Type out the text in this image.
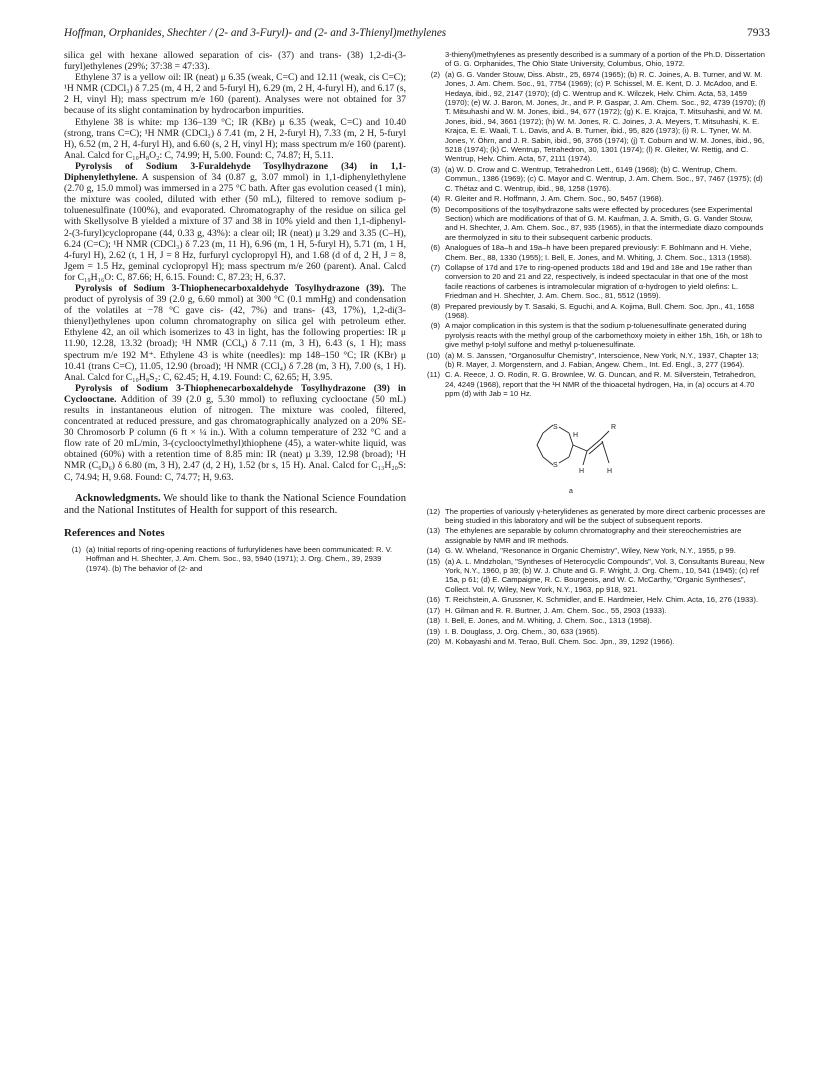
Hoffman, Orphanides, Shechter / (2- and 3-Furyl)- and (2- and 3-Thienyl)methylenes	7933

silica gel with hexane allowed separation of cis- (37) and trans- (38) 1,2-di-(3-furyl)ethylenes (29%; 37:38 = 47:33).

Ethylene 37 is a yellow oil: IR (neat) μ 6.35 (weak, C=C) and 12.11 (weak, cis C=C); ¹H NMR (CDCl₃) δ 7.25 (m, 4 H, 2 and 5-furyl H), 6.29 (m, 2 H, 4-furyl H), and 6.17 (s, 2 H, vinyl H); mass spectrum m/e 160 (parent). Analyses were not obtained for 37 because of its slight contamination by hydrocarbon impurities.

Ethylene 38 is white: mp 136–139 °C; IR (KBr) μ 6.35 (weak, C=C) and 10.40 (strong, trans C=C); ¹H NMR (CDCl₃) δ 7.41 (m, 2 H, 2-furyl H), 7.33 (m, 2 H, 5-furyl H), 6.52 (m, 2 H, 4-furyl H), and 6.60 (s, 2 H, vinyl H); mass spectrum m/e 160 (parent). Anal. Calcd for C₁₀H₈O₂: C, 74.99; H, 5.00. Found: C, 74.87; H, 5.11.

Pyrolysis of Sodium 3-Furaldehyde Tosylhydrazone (34) in 1,1-Diphenylethylene. A suspension of 34 (0.87 g, 3.07 mmol) in 1,1-diphenylethylene (2.70 g, 15.0 mmol) was immersed in a 275 °C bath. After gas evolution ceased (1 min), the mixture was cooled, diluted with ether (50 mL), filtered to remove sodium p-toluenesulfinate (100%), and evaporated. Chromatography of the residue on silica gel with Skellysolve B yielded a mixture of 37 and 38 in 10% yield and then 1,1-diphenyl-2-(3-furyl)cyclopropane (44, 0.33 g, 43%): a clear oil; IR (neat) μ 3.29 and 3.35 (C–H), 6.24 (C=C); ¹H NMR (CDCl₃) δ 7.23 (m, 11 H), 6.96 (m, 1 H, 5-furyl H), 5.71 (m, 1 H, 4-furyl H), 2.62 (t, 1 H, J = 8 Hz, furfuryl cyclopropyl H), and 1.68 (d of d, 2 H, J = 8, Jgem = 1.5 Hz, geminal cyclopropyl H); mass spectrum m/e 260 (parent). Anal. Calcd for C₁₉H₁₆O: C, 87.66; H, 6.15. Found: C, 87.23; H, 6.37.

Pyrolysis of Sodium 3-Thiophenecarboxaldehyde Tosylhydrazone (39). The product of pyrolysis of 39 (2.0 g, 6.60 mmol) at 300 °C (0.1 mmHg) and condensation of the volatiles at −78 °C gave cis- (42, 7%) and trans- (43, 17%), 1,2-di(3-thienyl)ethylenes upon column chromatography on silica gel with petroleum ether. Ethylene 42, an oil which isomerizes to 43 in light, has the following properties: IR μ 11.90, 12.28, 13.32 (broad); ¹H NMR (CCl₄) δ 7.11 (m, 3 H), 6.43 (s, 1 H); mass spectrum m/e 192 M⁺. Ethylene 43 is white (needles): mp 148–150 °C; IR (KBr) μ 10.41 (trans C=C), 11.05, 12.90 (broad); ¹H NMR (CCl₄) δ 7.28 (m, 3 H), 7.00 (s, 1 H). Anal. Calcd for C₁₀H₈S₂: C, 62.45; H, 4.19. Found: C, 62.65; H, 3.95.

Pyrolysis of Sodium 3-Thiophenecarboxaldehyde Tosylhydrazone (39) in Cyclooctane. Addition of 39 (2.0 g, 5.30 mmol) to refluxing cyclooctane (50 mL) results in instantaneous elution of nitrogen. The mixture was cooled, filtered, concentrated at reduced pressure, and gas chromatographically analyzed on a 20% SE-30 Chromosorb P column (6 ft × ¼ in.). With a column temperature of 232 °C and a flow rate of 20 mL/min, 3-(cyclooctylmethyl)thiophene (45), a water-white liquid, was obtained (60%) with a retention time of 8.85 min: IR (neat) μ 3.39, 12.98 (broad); ¹H NMR (C₆D₆) δ 6.80 (m, 3 H), 2.47 (d, 2 H), 1.52 (br s, 15 H). Anal. Calcd for C₁₃H₂₀S: C, 74.94; H, 9.68. Found: C, 74.77; H, 9.63.

Acknowledgments. We should like to thank the National Science Foundation and the National Institutes of Health for support of this research.

References and Notes
(1) (a) Initial reports of ring-opening reactions of furfurylidenes have been communicated: R. V. Hoffman and H. Shechter, J. Am. Chem. Soc., 93, 5940 (1971); J. Org. Chem., 39, 2939 (1974). (b) The behavior of (2- and
3-thienyl)methylenes as presently described is a summary of a portion of the Ph.D. Dissertation of G. G. Orphanides, The Ohio State University, Columbus, Ohio, 1972.
(2) (a) G. G. Vander Stouw, Diss. Abstr., 25, 6974 (1965); (b) R. C. Joines, A. B. Turner, and W. M. Jones, J. Am. Chem. Soc., 91, 7754 (1969); (c) P. Schissel, M. E. Kent, D. J. McAdoo, and E. Hedaya, ibid., 92, 2147 (1970); (d) C. Wentrup and K. Wilczek, Helv. Chim. Acta, 53, 1459 (1970); (e) W. J. Baron, M. Jones, Jr., and P. P. Gaspar, J. Am. Chem. Soc., 92, 4739 (1970); (f) T. Mitsuhashi and W. M. Jones, ibid., 94, 677 (1972); (g) K. E. Krajca, T. Mitsuhashi, and W. M. Jones, ibid., 94, 3661 (1972); (h) W. M. Jones, R. C. Joines, J. A. Meyers, T. Mitsuhashi, K. E. Krajca, E. E. Waali, T. L. Davis, and A. B. Turner, ibid., 95, 826 (1973); (i) R. L. Tyner, W. M. Jones, Y. Öhrn, and J. R. Sabin, ibid., 96, 3765 (1974); (j) T. Coburn and W. M. Jones, ibid., 96, 5218 (1974); (k) C. Wentrup, Tetrahedron, 30, 1301 (1974); (l) R. Gleiter, W. Rettig, and C. Wentrup, Helv. Chim. Acta, 57, 2111 (1974).
(3) (a) W. D. Crow and C. Wentrup, Tetrahedron Lett., 6149 (1968); (b) C. Wentrup, Chem. Commun., 1386 (1969); (c) C. Mayor and C. Wentrup, J. Am. Chem. Soc., 97, 7467 (1975); (d) C. Thétaz and C. Wentrup, ibid., 98, 1258 (1976).
(4) R. Gleiter and R. Hoffmann, J. Am. Chem. Soc., 90, 5457 (1968).
(5) Decompositions of the tosylhydrazone salts were effected by procedures (see Experimental Section) which are modifications of that of G. M. Kaufman, J. A. Smith, G. G. Vander Stouw, and H. Shechter, J. Am. Chem. Soc., 87, 935 (1965), in that the intermediate diazo compounds are thermolyzed in situ to their subsequent carbenic products.
(6) Analogues of 18a–h and 19a–h have been prepared previously: F. Bohlmann and H. Viehe, Chem. Ber., 88, 1330 (1955); I. Bell, E. Jones, and M. Whiting, J. Chem. Soc., 1313 (1958).
(7) Collapse of 17d and 17e to ring-opened products 18d and 19d and 18e and 19e rather than conversion to 20 and 21 and 22, respectively, is indeed spectacular in that one of the most facile reactions of carbenes is intramolecular migration of α-hydrogen to yield olefins: L. Friedman and H. Shechter, J. Am. Chem. Soc., 81, 5512 (1959).
(8) Prepared previously by T. Sasaki, S. Eguchi, and A. Kojima, Bull. Chem. Soc. Jpn., 41, 1658 (1968).
(9) A major complication in this system is that the sodium p-toluenesulfinate generated during pyrolysis reacts with the methyl group of the carbomethoxy moiety in either 15h, 16h, or 18h to give methyl p-tolyl sulfone and methyl p-toluenesulfinate.
(10) (a) M. S. Janssen, "Organosulfur Chemistry", Interscience, New York, N.Y., 1937, Chapter 13; (b) R. Mayer, J. Morgenstern, and J. Fabian, Angew. Chem., Int. Ed. Engl., 3, 277 (1964).
(11) C. A. Reece, J. O. Rodin, R. G. Brownlee, W. G. Duncan, and R. M. Silverstein, Tetrahedron, 24, 4249 (1968), report that the ¹H NMR of the thioacetal hydrogen, Ha, in (a) occurs at 4.70 ppm (d) with Jab = 10 Hz.
S
S
H
R
H	H
a
(12) The properties of variously γ-heterylidenes as generated by more direct carbenic processes are being studied in this laboratory and will be the subject of subsequent reports.
(13) The ethylenes are separable by column chromatography and their stereochemistries are assignable by NMR and IR methods.
(14) G. W. Wheland, "Resonance in Organic Chemistry", Wiley, New York, N.Y., 1955, p 99.
(15) (a) A. L. Mndzholan, "Syntheses of Heterocyclic Compounds", Vol. 3, Consultants Bureau, New York, N.Y., 1960, p 39; (b) W. J. Chute and G. F. Wright, J. Org. Chem., 10, 541 (1945); (c) ref 15a, p 61; (d) E. Campaigne, R. C. Bourgeois, and W. C. McCarthy, "Organic Syntheses", Collect. Vol. IV, Wiley, New York, N.Y., 1963, pp 918, 921.
(16) T. Reichstein, A. Grussner, K. Schmidler, and E. Hardmeier, Helv. Chim. Acta, 16, 276 (1933).
(17) H. Gilman and R. R. Burtner, J. Am. Chem. Soc., 55, 2903 (1933).
(18) I. Bell, E. Jones, and M. Whiting, J. Chem. Soc., 1313 (1958).
(19) I. B. Douglass, J. Org. Chem., 30, 633 (1965).
(20) M. Kobayashi and M. Terao, Bull. Chem. Soc. Jpn., 39, 1292 (1966).
